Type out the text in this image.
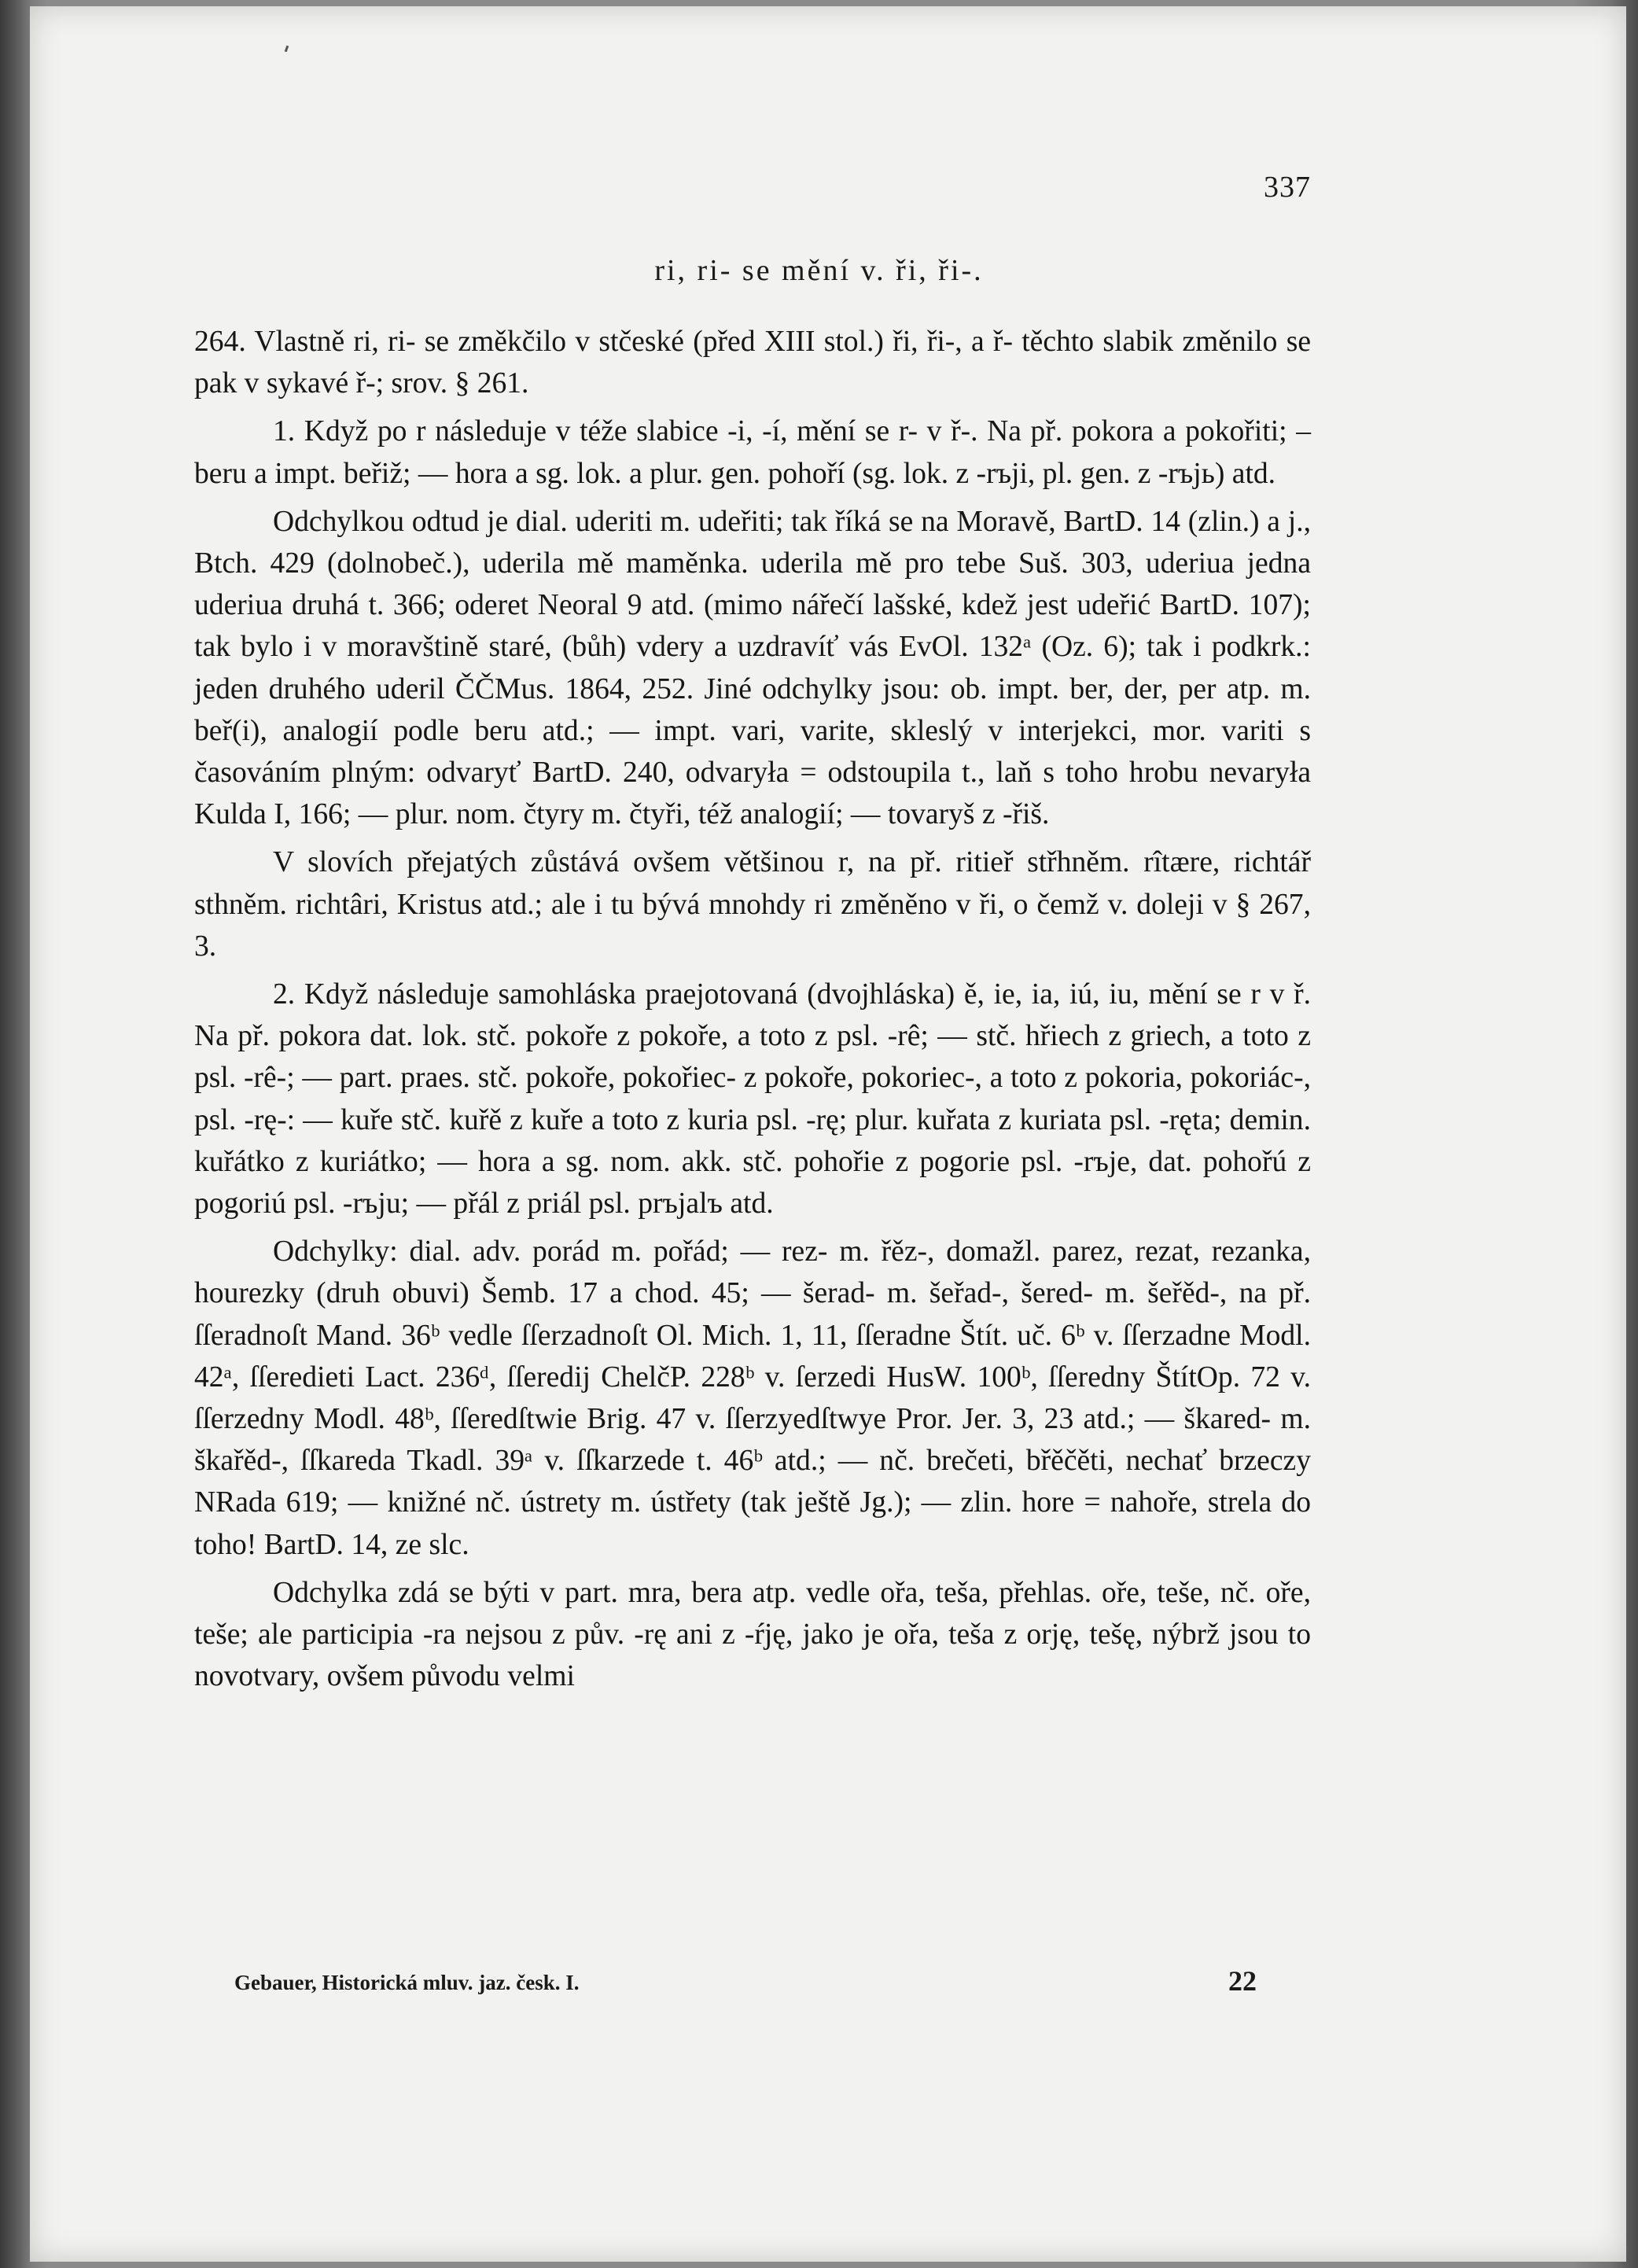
337
ri, ri- se mění v. ři, ři-.

264. Vlastně ri, ri- se změkčilo v stčeské (před XIII stol.) ři, ři-, a ř- těchto slabik změnilo se pak v sykavé ř-; srov. § 261.

1. Když po r následuje v téže slabice -i, -í, mění se r- v ř-. Na př. pokora a pokořiti; – beru a impt. beřiž; — hora a sg. lok. a plur. gen. pohoří (sg. lok. z -rъji, pl. gen. z -rъjь) atd.

Odchylkou odtud je dial. uderiti m. udeřiti; tak říká se na Moravě, BartD. 14 (zlin.) a j., Btch. 429 (dolnobeč.), uderila mě maměnka. uderila mě pro tebe Suš. 303, uderiua jedna uderiua druhá t. 366; oderet Neoral 9 atd. (mimo nářečí lašské, kdež jest udeřić BartD. 107); tak bylo i v moravštině staré, (bůh) vdery a uzdravíť vás EvOl. 132ᵃ (Oz. 6); tak i podkrk.: jeden druhého uderil ČČMus. 1864, 252. Jiné odchylky jsou: ob. impt. ber, der, per atp. m. beř(i), analogií podle beru atd.; — impt. vari, varite, skleslý v interjekci, mor. variti s časováním plným: odvaryť BartD. 240, odvaryła = odstoupila t., laň s toho hrobu nevaryła Kulda I, 166; — plur. nom. čtyry m. čtyři, též analogií; — tovaryš z -řiš.

V slovích přejatých zůstává ovšem většinou r, na př. ritieř střhněm. rîtære, richtář sthněm. richtâri, Kristus atd.; ale i tu bývá mnohdy ri změněno v ři, o čemž v. doleji v § 267, 3.

2. Když následuje samohláska praejotovaná (dvojhláska) ě, ie, ia, iú, iu, mění se r v ř. Na př. pokora dat. lok. stč. pokoře z pokoře, a toto z psl. -rê; — stč. hřiech z griech, a toto z psl. -rê-; — part. praes. stč. pokoře, pokořiec- z pokoře, pokoriec-, a toto z pokoria, pokoriác-, psl. -rę-: — kuře stč. kuřě z kuře a toto z kuria psl. -rę; plur. kuřata z kuriata psl. -ręta; demin. kuřátko z kuriátko; — hora a sg. nom. akk. stč. pohořie z pogorie psl. -rъje, dat. pohořú z pogoriú psl. -rъju; — přál z priál psl. prъjalъ atd.

Odchylky: dial. adv. porád m. pořád; — rez- m. řěz-, domažl. parez, rezat, rezanka, hourezky (druh obuvi) Šemb. 17 a chod. 45; — šerad- m. šeřad-, šered- m. šeřěd-, na př. ſſeradnoſt Mand. 36ᵇ vedle ſſerzadnoſt Ol. Mich. 1, 11, ſſeradne Štít. uč. 6ᵇ v. ſſerzadne Modl. 42ᵃ, ſſeredieti Lact. 236ᵈ, ſſeredij ChelčP. 228ᵇ v. ſerzedi HusW. 100ᵇ, ſſeredny ŠtítOp. 72 v. ſſerzedny Modl. 48ᵇ, ſſeredſtwie Brig. 47 v. ſſerzyedſtwye Pror. Jer. 3, 23 atd.; — škared- m. škařěd-, ſſkareda Tkadl. 39ᵃ v. ſſkarzede t. 46ᵇ atd.; — nč. brečeti, břěčěti, nechať brzeczy NRada 619; — knižné nč. ústrety m. ústřety (tak ještě Jg.); — zlin. hore = nahoře, strela do toho! BartD. 14, ze slc.

Odchylka zdá se býti v part. mra, bera atp. vedle ořa, teša, přehlas. oře, teše, nč. oře, teše; ale participia -ra nejsou z pův. -rę ani z -ŕję, jako je ořa, teša z orję, tešę, nýbrž jsou to novotvary, ovšem původu velmi

Gebauer, Historická mluv. jaz. česk. I.	22
